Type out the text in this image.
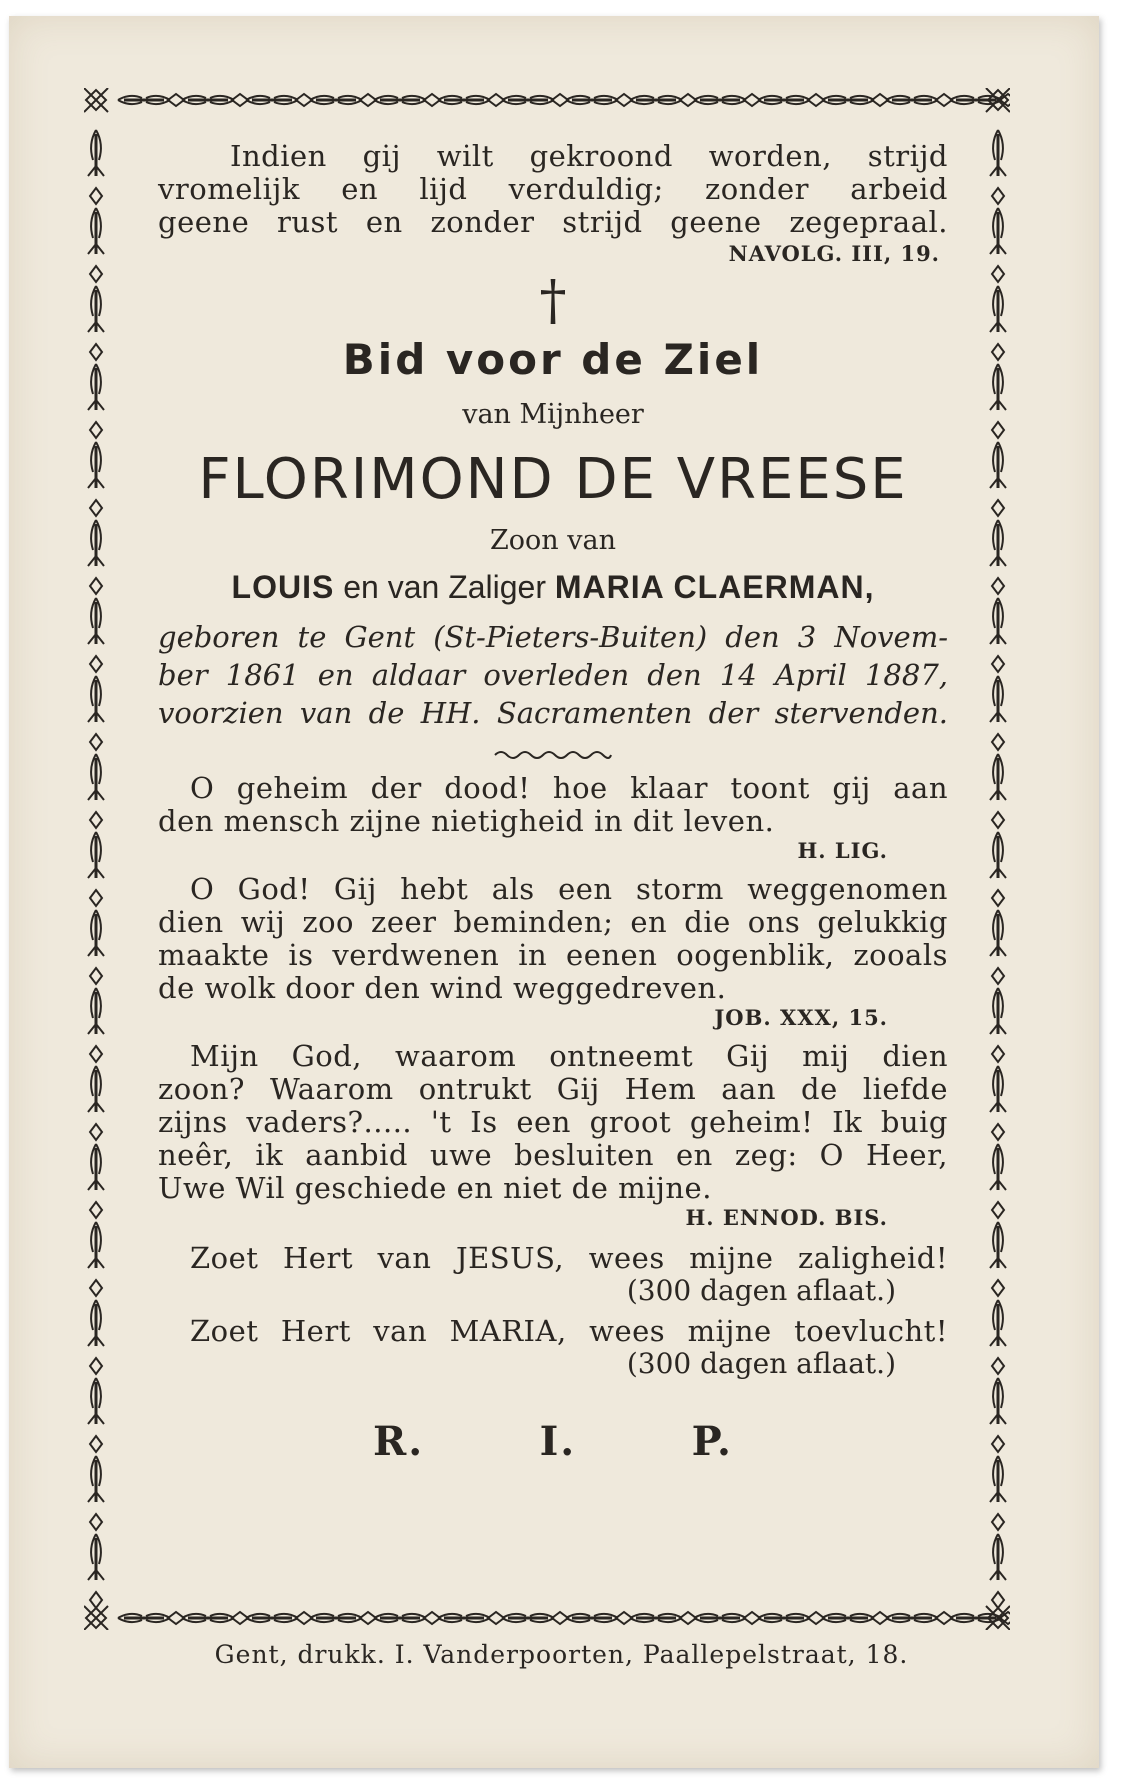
Indien gij wilt gekroond worden, strijd

vromelijk en lijd verduldig; zonder arbeid

geene rust en zonder strijd geene zegepraal.

NAVOLG. III, 19.

†
Bid voor de Ziel
van Mijnheer
FLORIMOND DE VREESE
Zoon van
LOUIS en van Zaliger MARIA CLAERMAN,
geboren te Gent (St-Pieters-Buiten) den 3 Novem-
ber 1861 en aldaar overleden den 14 April 1887,
voorzien van de HH. Sacramenten der stervenden.

O geheim der dood! hoe klaar toont gij aan

den mensch zijne nietigheid in dit leven.

H. LIG.

O God! Gij hebt als een storm weggenomen

dien wij zoo zeer beminden; en die ons gelukkig

maakte is verdwenen in eenen oogenblik, zooals

de wolk door den wind weggedreven.

JOB. XXX, 15.

Mijn God, waarom ontneemt Gij mij dien

zoon? Waarom ontrukt Gij Hem aan de liefde

zijns vaders?..... 't Is een groot geheim! Ik buig

neêr, ik aanbid uwe besluiten en zeg: O Heer,

Uwe Wil geschiede en niet de mijne.

H. ENNOD. BIS.

Zoet Hert van JESUS, wees mijne zaligheid!

(300 dagen aflaat.)

Zoet Hert van MARIA, wees mijne toevlucht!

(300 dagen aflaat.)

R.	I.	P.
Gent, drukk. I. Vanderpoorten, Paallepelstraat, 18.
